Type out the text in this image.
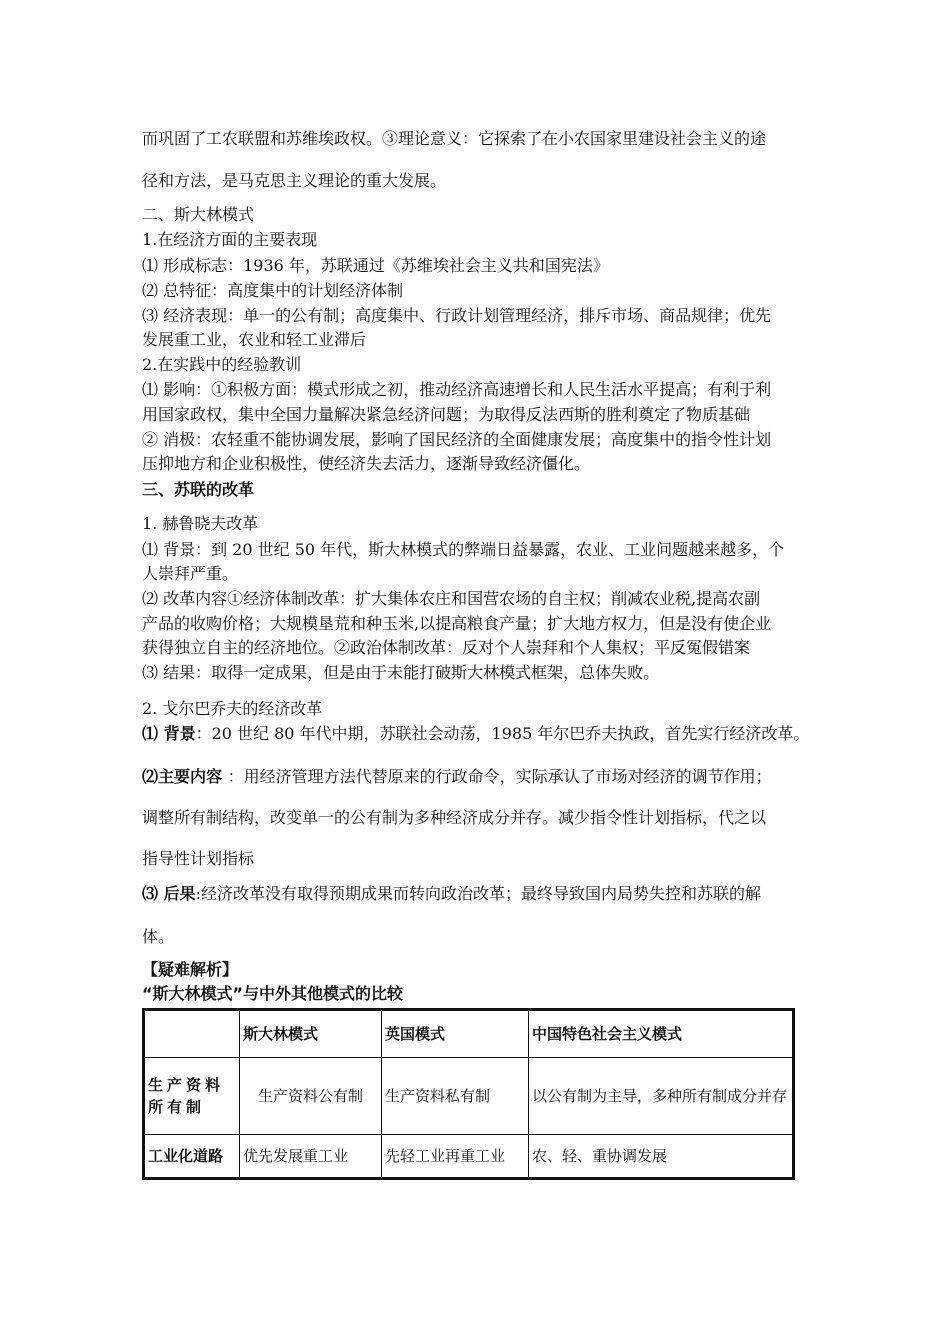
而巩固了工农联盟和苏维埃政权。③理论意义：它探索了在小农国家里建设社会主义的途
径和方法，是马克思主义理论的重大发展。
二、斯大林模式
1.在经济方面的主要表现
⑴ 形成标志：1936 年，苏联通过《苏维埃社会主义共和国宪法》
⑵ 总特征：高度集中的计划经济体制
⑶ 经济表现：单一的公有制；高度集中、行政计划管理经济，排斥市场、商品规律；优先
发展重工业，农业和轻工业滞后
2.在实践中的经验教训
⑴ 影响：①积极方面：模式形成之初，推动经济高速增长和人民生活水平提高；有利于利
用国家政权，集中全国力量解决紧急经济问题；为取得反法西斯的胜利奠定了物质基础
② 消极：农轻重不能协调发展，影响了国民经济的全面健康发展；高度集中的指令性计划
压抑地方和企业积极性，使经济失去活力，逐渐导致经济僵化。
三、苏联的改革
1. 赫鲁晓夫改革
⑴ 背景：到 20 世纪 50 年代，斯大林模式的弊端日益暴露，农业、工业问题越来越多，个
人崇拜严重。
⑵ 改革内容①经济体制改革：扩大集体农庄和国营农场的自主权；削减农业税,提高农副
产品的收购价格；大规模垦荒和种玉米,以提高粮食产量；扩大地方权力，但是没有使企业
获得独立自主的经济地位。②政治体制改革：反对个人崇拜和个人集权；平反冤假错案
⑶ 结果：取得一定成果，但是由于未能打破斯大林模式框架，总体失败。
2. 戈尔巴乔夫的经济改革
⑴ 背景：20 世纪 80 年代中期，苏联社会动荡，1985 年尔巴乔夫执政，首先实行经济改革。
⑵主要内容 ：用经济管理方法代替原来的行政命令，实际承认了市场对经济的调节作用；
调整所有制结构，改变单一的公有制为多种经济成分并存。减少指令性计划指标，代之以
指导性计划指标
⑶ 后果:经济改革没有取得预期成果而转向政治改革；最终导致国内局势失控和苏联的解
体。
【疑难解析】
“斯大林模式”与中外其他模式的比较
	斯大林模式	英国模式	中国特色社会主义模式
生产资料所有制	生产资料公有制	生产资料私有制	以公有制为主导，多种所有制成分并存
工业化道路	优先发展重工业	先轻工业再重工业	农、轻、重协调发展
